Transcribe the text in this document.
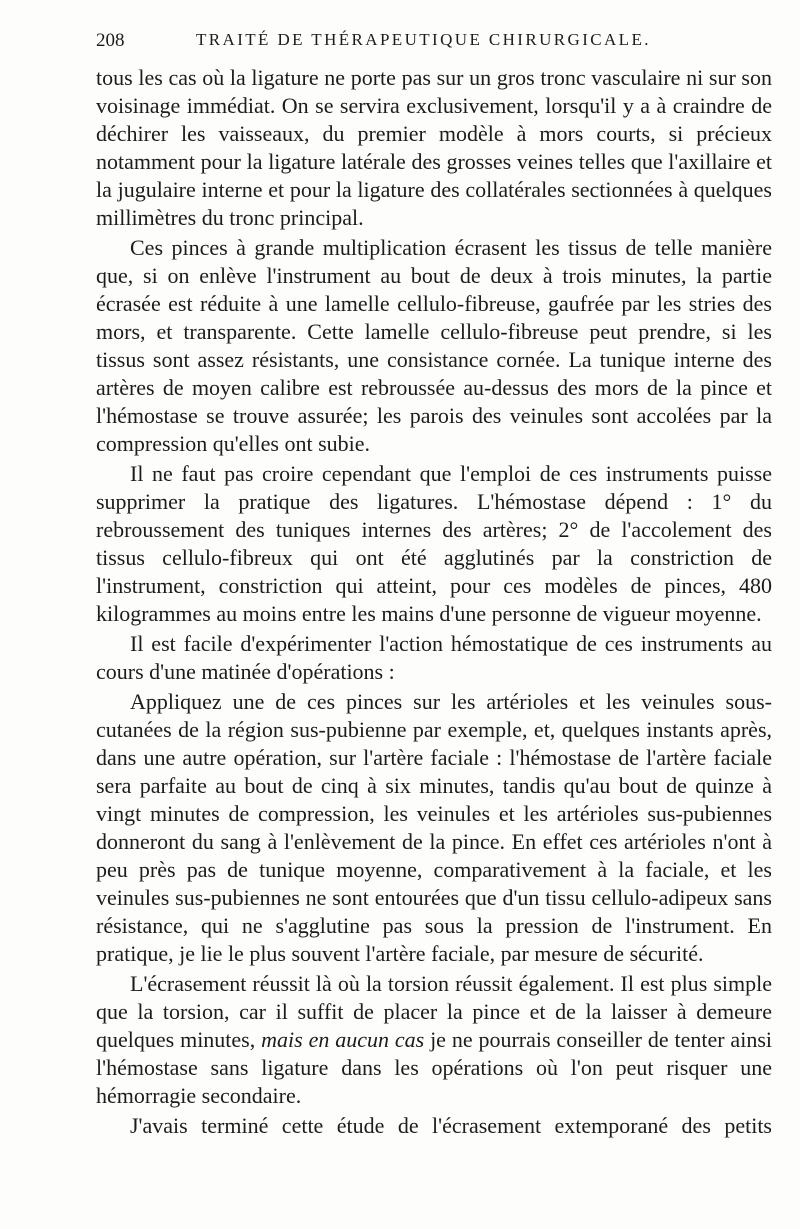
208	TRAITÉ DE THÉRAPEUTIQUE CHIRURGICALE.

tous les cas où la ligature ne porte pas sur un gros tronc vasculaire ni sur son voisinage immédiat. On se servira exclusivement, lorsqu'il y a à craindre de déchirer les vaisseaux, du premier modèle à mors courts, si précieux notamment pour la ligature latérale des grosses veines telles que l'axillaire et la jugulaire interne et pour la ligature des collatérales sectionnées à quelques millimètres du tronc principal.

Ces pinces à grande multiplication écrasent les tissus de telle manière que, si on enlève l'instrument au bout de deux à trois minutes, la partie écrasée est réduite à une lamelle cellulo-fibreuse, gaufrée par les stries des mors, et transparente. Cette lamelle cellulo-fibreuse peut prendre, si les tissus sont assez résistants, une consistance cornée. La tunique interne des artères de moyen calibre est rebroussée au-dessus des mors de la pince et l'hémostase se trouve assurée; les parois des veinules sont accolées par la compression qu'elles ont subie.

Il ne faut pas croire cependant que l'emploi de ces instruments puisse supprimer la pratique des ligatures. L'hémostase dépend : 1° du rebroussement des tuniques internes des artères; 2° de l'accolement des tissus cellulo-fibreux qui ont été agglutinés par la constriction de l'instrument, constriction qui atteint, pour ces modèles de pinces, 480 kilogrammes au moins entre les mains d'une personne de vigueur moyenne.

Il est facile d'expérimenter l'action hémostatique de ces instruments au cours d'une matinée d'opérations :

Appliquez une de ces pinces sur les artérioles et les veinules sous-cutanées de la région sus-pubienne par exemple, et, quelques instants après, dans une autre opération, sur l'artère faciale : l'hémostase de l'artère faciale sera parfaite au bout de cinq à six minutes, tandis qu'au bout de quinze à vingt minutes de compression, les veinules et les artérioles sus-pubiennes donneront du sang à l'enlèvement de la pince. En effet ces artérioles n'ont à peu près pas de tunique moyenne, comparativement à la faciale, et les veinules sus-pubiennes ne sont entourées que d'un tissu cellulo-adipeux sans résistance, qui ne s'agglutine pas sous la pression de l'instrument. En pratique, je lie le plus souvent l'artère faciale, par mesure de sécurité.

L'écrasement réussit là où la torsion réussit également. Il est plus simple que la torsion, car il suffit de placer la pince et de la laisser à demeure quelques minutes, mais en aucun cas je ne pourrais conseiller de tenter ainsi l'hémostase sans ligature dans les opérations où l'on peut risquer une hémorragie secondaire.

J'avais terminé cette étude de l'écrasement extemporané des petits
